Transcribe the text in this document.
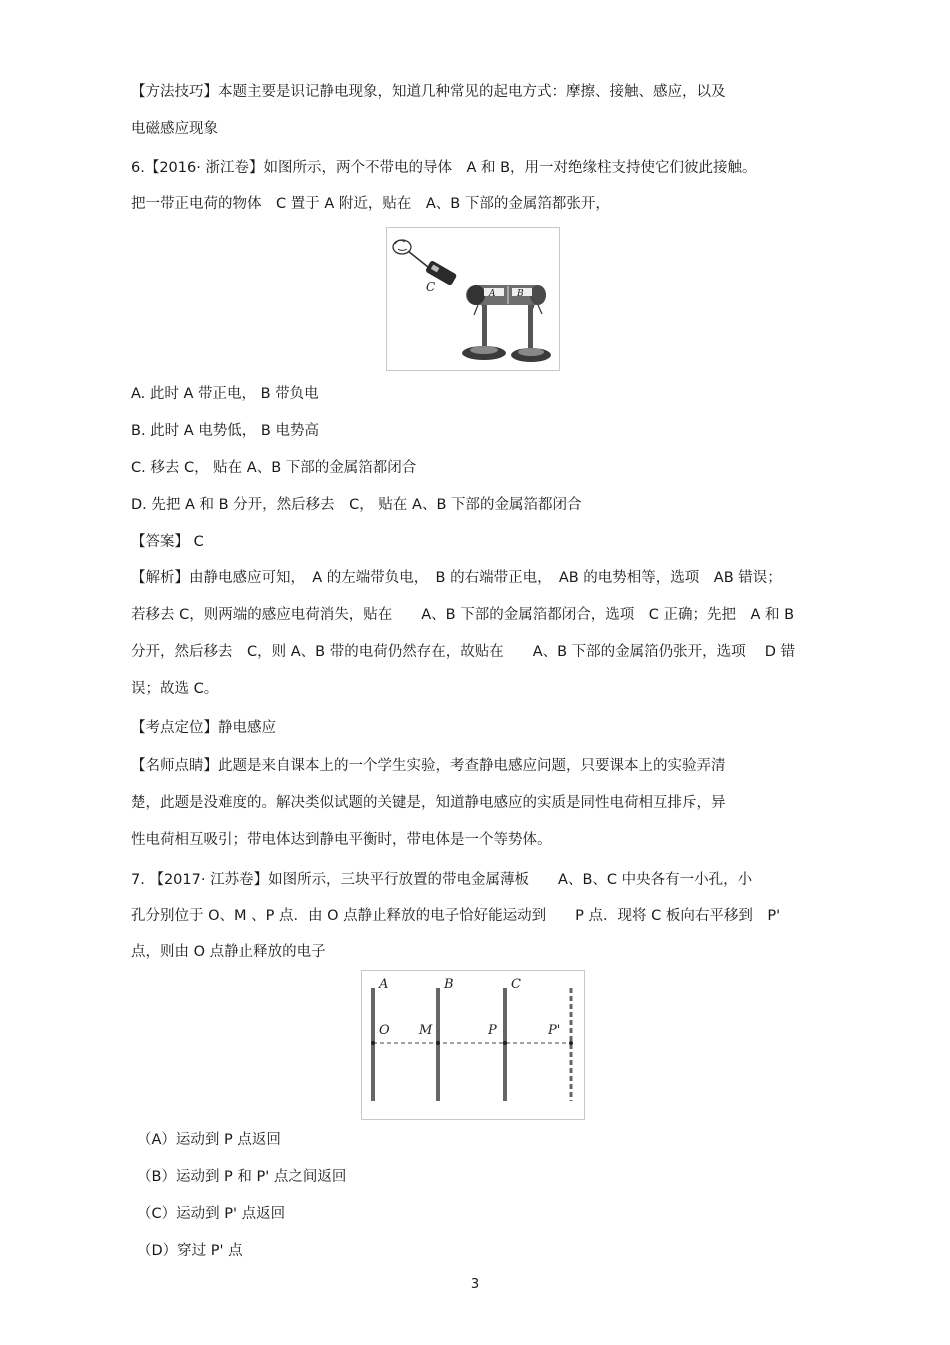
【方法技巧】本题主要是识记静电现象，知道几种常见的起电方式：摩擦、接触、感应，以及
电磁感应现象
6.【2016· 浙江卷】如图所示，两个不带电的导体　A 和 B，用一对绝缘柱支持使它们彼此接触。
把一带正电荷的物体　C 置于 A 附近，贴在　A、B 下部的金属箔都张开，
C	A B
A. 此时 A 带正电， B 带负电
B. 此时 A 电势低， B 电势高
C. 移去 C， 贴在 A、B 下部的金属箔都闭合
D. 先把 A 和 B 分开，然后移去　C， 贴在 A、B 下部的金属箔都闭合
【答案】 C
【解析】由静电感应可知，　A 的左端带负电，　B 的右端带正电，　AB 的电势相等，选项　AB 错误；
若移去 C，则两端的感应电荷消失，贴在　　A、B 下部的金属箔都闭合，选项　C 正确；先把　A 和 B
分开，然后移去　C，则 A、B 带的电荷仍然存在，故贴在　　A、B 下部的金属箔仍张开，选项　 D 错
误；故选 C。
【考点定位】静电感应
【名师点睛】此题是来自课本上的一个学生实验，考查静电感应问题，只要课本上的实验弄清
楚，此题是没难度的。解决类似试题的关键是，知道静电感应的实质是同性电荷相互排斥，异
性电荷相互吸引；带电体达到静电平衡时，带电体是一个等势体。
7. 【2017· 江苏卷】如图所示，三块平行放置的带电金属薄板　　A、B、C 中央各有一小孔，小
孔分别位于 O、M 、P 点．由 O 点静止释放的电子恰好能运动到　　P 点．现将 C 板向右平移到　P'
点，则由 O 点静止释放的电子
A	B	C
O M	P	P'
（A）运动到 P 点返回
（B）运动到 P 和 P' 点之间返回
（C）运动到 P' 点返回
（D）穿过 P' 点
3
